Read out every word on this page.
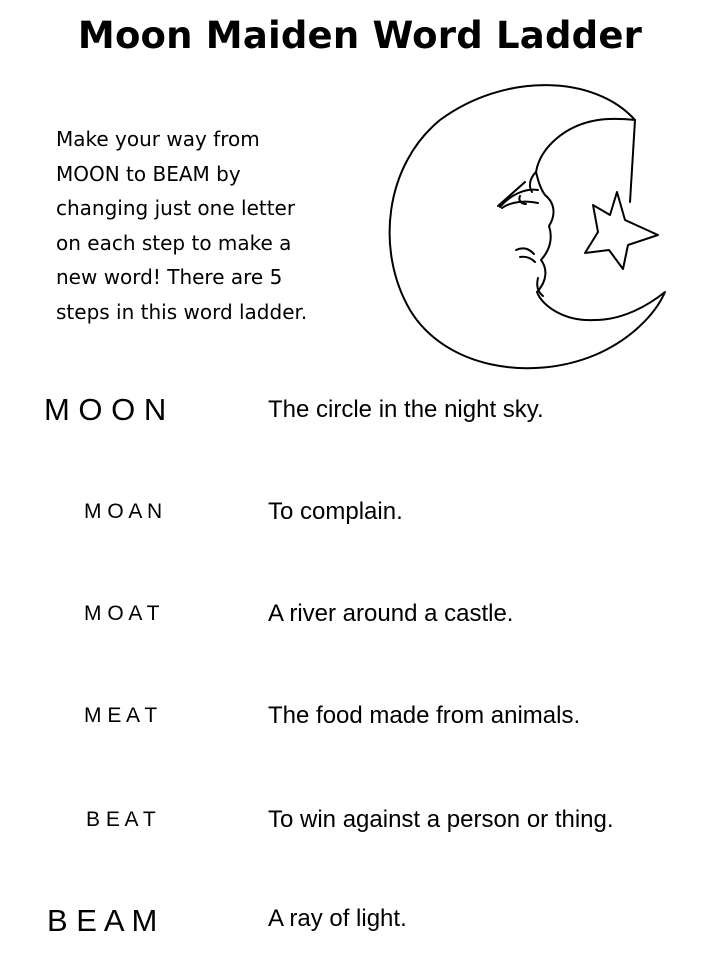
Moon Maiden Word Ladder

Make your way from
MOON to BEAM by
changing just one letter
on each step to make a
new word! There are 5
steps in this word ladder.

M O O N	The circle in the night sky.
M O A N	To complain.
M O A T	A river around a castle.
M E A T	The food made from animals.
B E A T	To win against a person or thing.
B E A M	A ray of light.
